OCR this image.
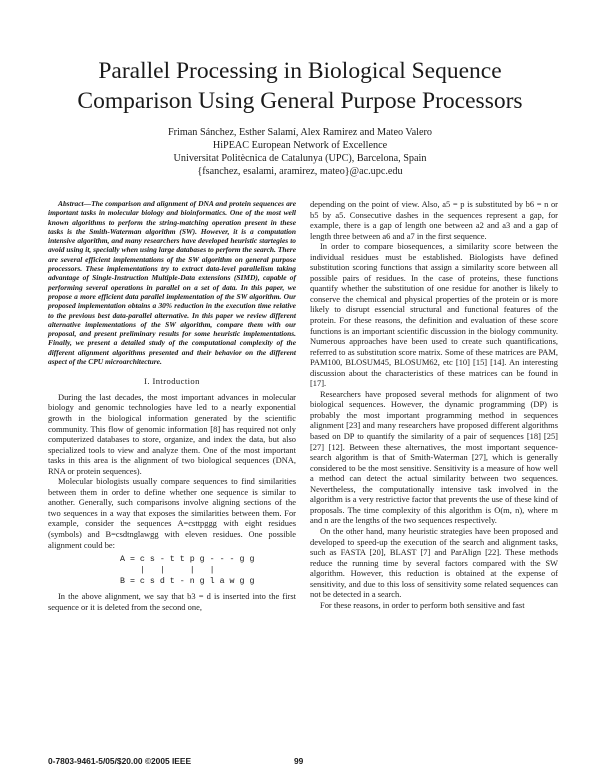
Parallel Processing in Biological Sequence
Comparison Using General Purpose Processors
Friman Sánchez, Esther Salamí, Alex Ramirez and Mateo Valero
HiPEAC European Network of Excellence
Universitat Politècnica de Catalunya (UPC), Barcelona, Spain
{fsanchez, esalami, aramirez, mateo}@ac.upc.edu

Abstract—The comparison and alignment of DNA and protein sequences are important tasks in molecular biology and bioinformatics. One of the most well known algorithms to perform the string-matching operation present in these tasks is the Smith-Waterman algorithm (SW). However, it is a computation intensive algorithm, and many researchers have developed heuristic startegies to avoid using it, specially when using large databases to perform the search. There are several efficient implementations of the SW algorithm on general purpose processors. These implementations try to extract data-level parallelism taking advantage of Single-Instruction Multiple-Data extensions (SIMD), capable of performing several operations in parallel on a set of data. In this paper, we propose a more efficient data parallel implementation of the SW algorithm. Our proposed implementation obtains a 30% reduction in the execution time relative to the previous best data-parallel alternative. In this paper we review different alternative implementations of the SW algorithm, compare them with our proposal, and present preliminary results for some heuristic implementations. Finally, we present a detailed study of the computational complexity of the different alignment algorithms presented and their behavior on the different aspect of the CPU microarchitecture.

I. Introduction

During the last decades, the most important advances in molecular biology and genomic technologies have led to a nearly exponential growth in the biological information generated by the scientific community. This flow of genomic information [8] has required not only computerized databases to store, organize, and index the data, but also specialized tools to view and analyze them. One of the most important tasks in this area is the alignment of two biological sequences (DNA, RNA or protein sequences).

Molecular biologists usually compare sequences to find similarities between them in order to define whether one sequence is similar to another. Generally, such comparisons involve aligning sections of the two sequences in a way that exposes the similarities between them. For example, consider the sequences A=csttpggg with eight residues (symbols) and B=csdtnglawgg with eleven residues. One possible alignment could be:

A = c s - t t p g - - - g g
|   |     |   |
B = c s d t - n g l a w g g

In the above alignment, we say that b3 = d is inserted into the first sequence or it is deleted from the second one,

depending on the point of view. Also, a5 = p is substituted by b6 = n or b5 by a5. Consecutive dashes in the sequences represent a gap, for example, there is a gap of length one between a2 and a3 and a gap of length three between a6 and a7 in the first sequence.

In order to compare biosequences, a similarity score between the individual residues must be established. Biologists have defined substitution scoring functions that assign a similarity score between all possible pairs of residues. In the case of proteins, these functions quantify whether the substitution of one residue for another is likely to conserve the chemical and physical properties of the protein or is more likely to disrupt essencial structural and functional features of the protein. For these reasons, the definition and evaluation of these score functions is an important scientific discussion in the biology community. Numerous approaches have been used to create such quantifications, referred to as substitution score matrix. Some of these matrices are PAM, PAM100, BLOSUM45, BLOSUM62, etc [10] [15] [14]. An interesting discussion about the characteristics of these matrices can be found in [17].

Researchers have proposed several methods for alignment of two biological sequences. However, the dynamic programming (DP) is probably the most important programming method in sequences alignment [23] and many researchers have proposed different algorithms based on DP to quantify the similarity of a pair of sequences [18] [25] [27] [12]. Between these alternatives, the most important sequence-search algorithm is that of Smith-Waterman [27], which is generally considered to be the most sensitive. Sensitivity is a measure of how well a method can detect the actual similarity between two sequences. Nevertheless, the computationally intensive task involved in the algorithm is a very restrictive factor that prevents the use of these kind of proposals. The time complexity of this algorithm is O(m, n), where m and n are the lengths of the two sequences respectively.

On the other hand, many heuristic strategies have been proposed and developed to speed-up the execution of the search and alignment tasks, such as FASTA [20], BLAST [7] and ParAlign [22]. These methods reduce the running time by several factors compared with the SW algorithm. However, this reduction is obtained at the expense of sensitivity, and due to this loss of sensitivity some related sequences can not be detected in a search.

For these reasons, in order to perform both sensitive and fast

0-7803-9461-5/05/$20.00 ©2005 IEEE	99
